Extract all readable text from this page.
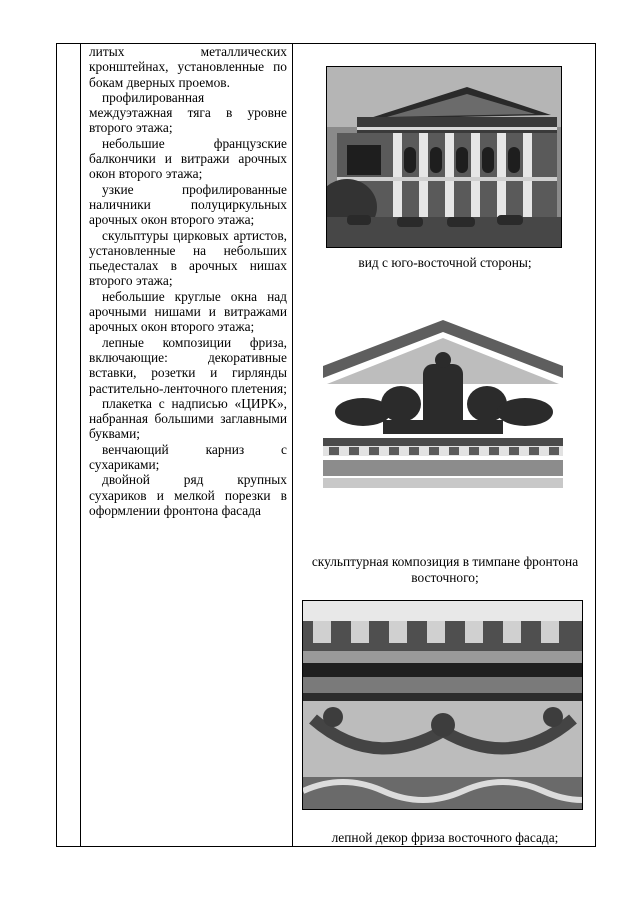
литых металлических кронштейнах, установленные по бокам дверных проемов.

профилированная междуэтажная тяга в уровне второго этажа;

небольшие французские балкончики и витражи арочных окон второго этажа;

узкие профилированные наличники полуциркульных арочных окон второго этажа;

скульптуры цирковых артистов, установленные на небольших пьедесталах в арочных нишах второго этажа;

небольшие круглые окна над арочными нишами и витражами арочных окон второго этажа;

лепные композиции фриза, включающие: декоративные вставки, розетки и гирлянды растительно-ленточного плетения;

плакетка с надписью «ЦИРК», набранная большими заглавными буквами;

венчающий карниз с сухариками;

двойной ряд крупных сухариков и мелкой порезки в оформлении фронтона фасада

вид с юго-восточной стороны;
скульптурная композиция в тимпане фронтона восточного;
лепной декор фриза восточного фасада;
